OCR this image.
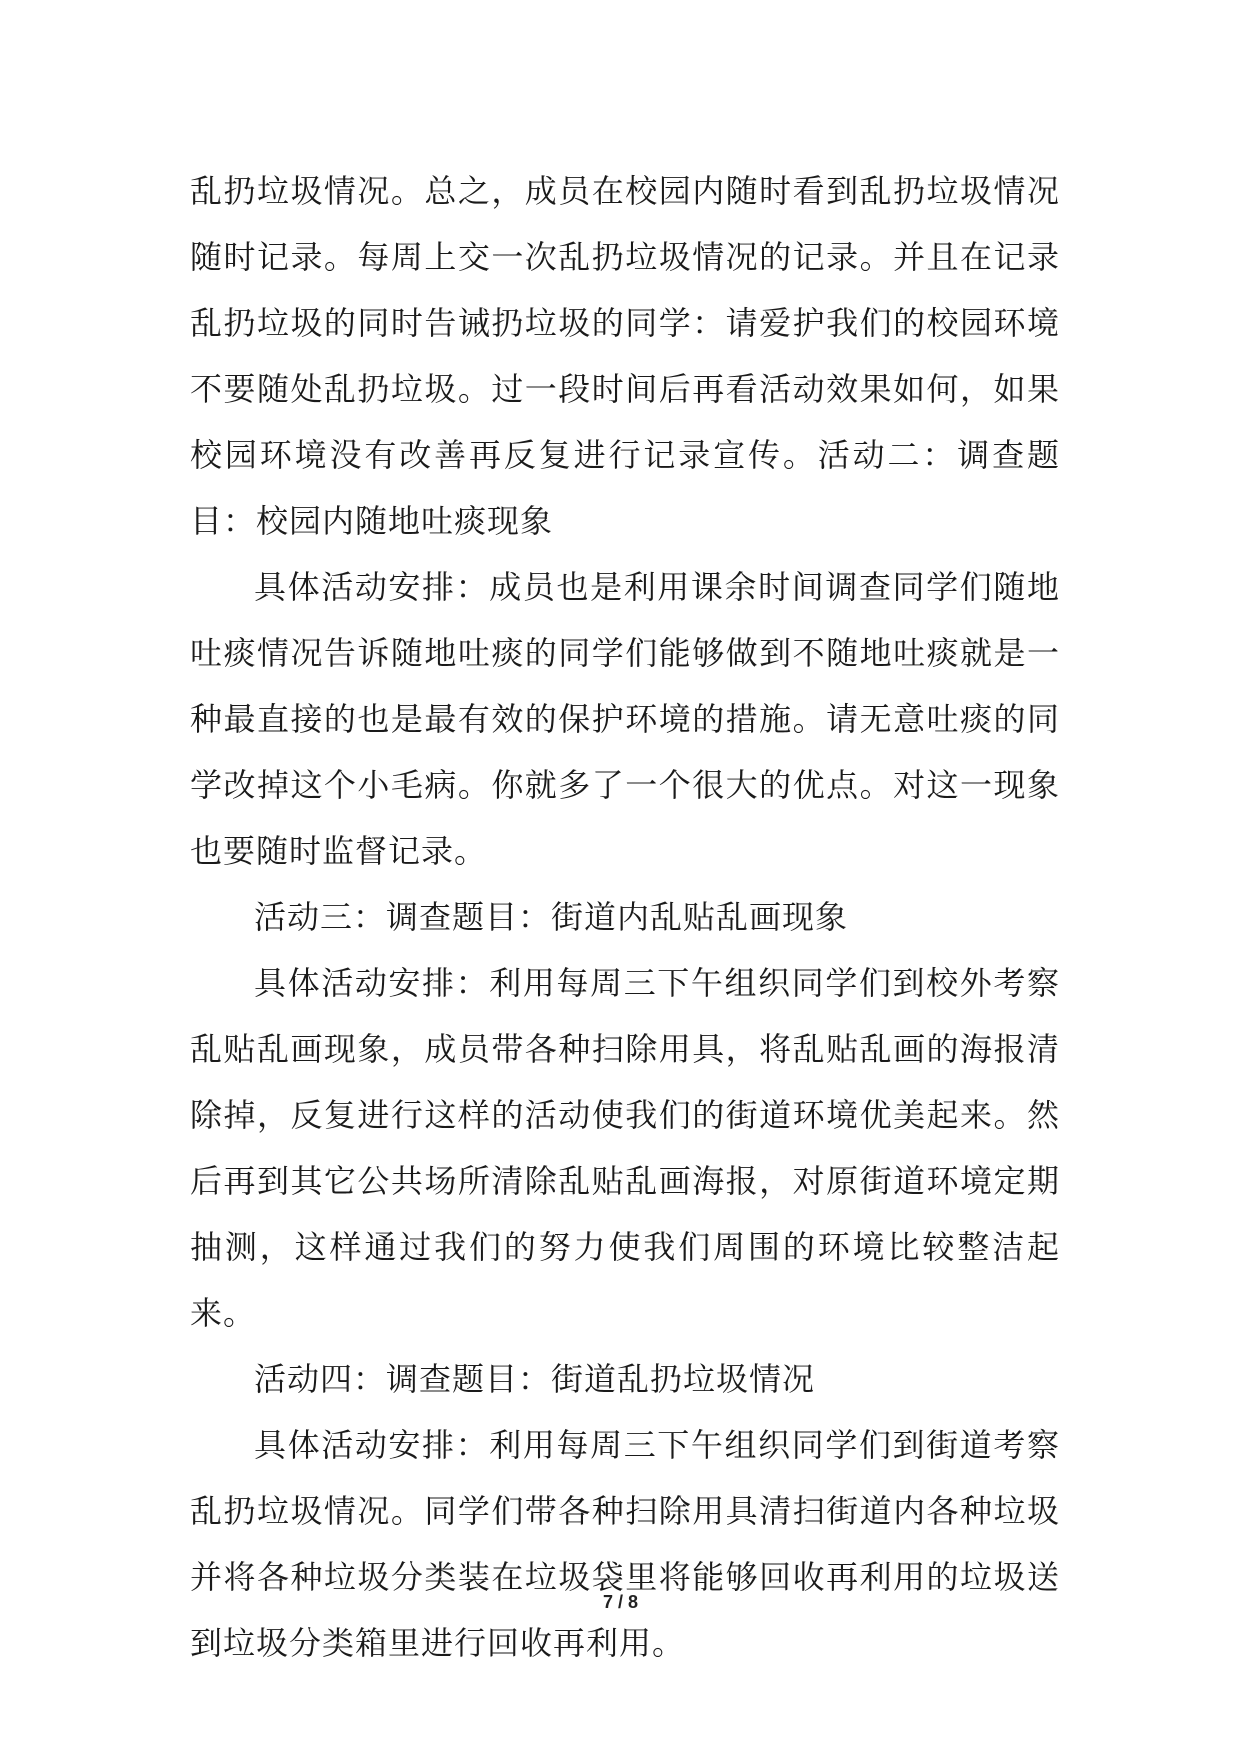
乱扔垃圾情况。总之，成员在校园内随时看到乱扔垃圾情况随时记录。每周上交一次乱扔垃圾情况的记录。并且在记录乱扔垃圾的同时告诫扔垃圾的同学：请爱护我们的校园环境不要随处乱扔垃圾。过一段时间后再看活动效果如何，如果校园环境没有改善再反复进行记录宣传。活动二：调查题目：校园内随地吐痰现象

具体活动安排：成员也是利用课余时间调查同学们随地吐痰情况告诉随地吐痰的同学们能够做到不随地吐痰就是一种最直接的也是最有效的保护环境的措施。请无意吐痰的同学改掉这个小毛病。你就多了一个很大的优点。对这一现象也要随时监督记录。

活动三：调查题目：街道内乱贴乱画现象

具体活动安排：利用每周三下午组织同学们到校外考察乱贴乱画现象，成员带各种扫除用具，将乱贴乱画的海报清除掉，反复进行这样的活动使我们的街道环境优美起来。然后再到其它公共场所清除乱贴乱画海报，对原街道环境定期抽测，这样通过我们的努力使我们周围的环境比较整洁起来。

活动四：调查题目：街道乱扔垃圾情况

具体活动安排：利用每周三下午组织同学们到街道考察乱扔垃圾情况。同学们带各种扫除用具清扫街道内各种垃圾并将各种垃圾分类装在垃圾袋里将能够回收再利用的垃圾送到垃圾分类箱里进行回收再利用。

7 / 8
